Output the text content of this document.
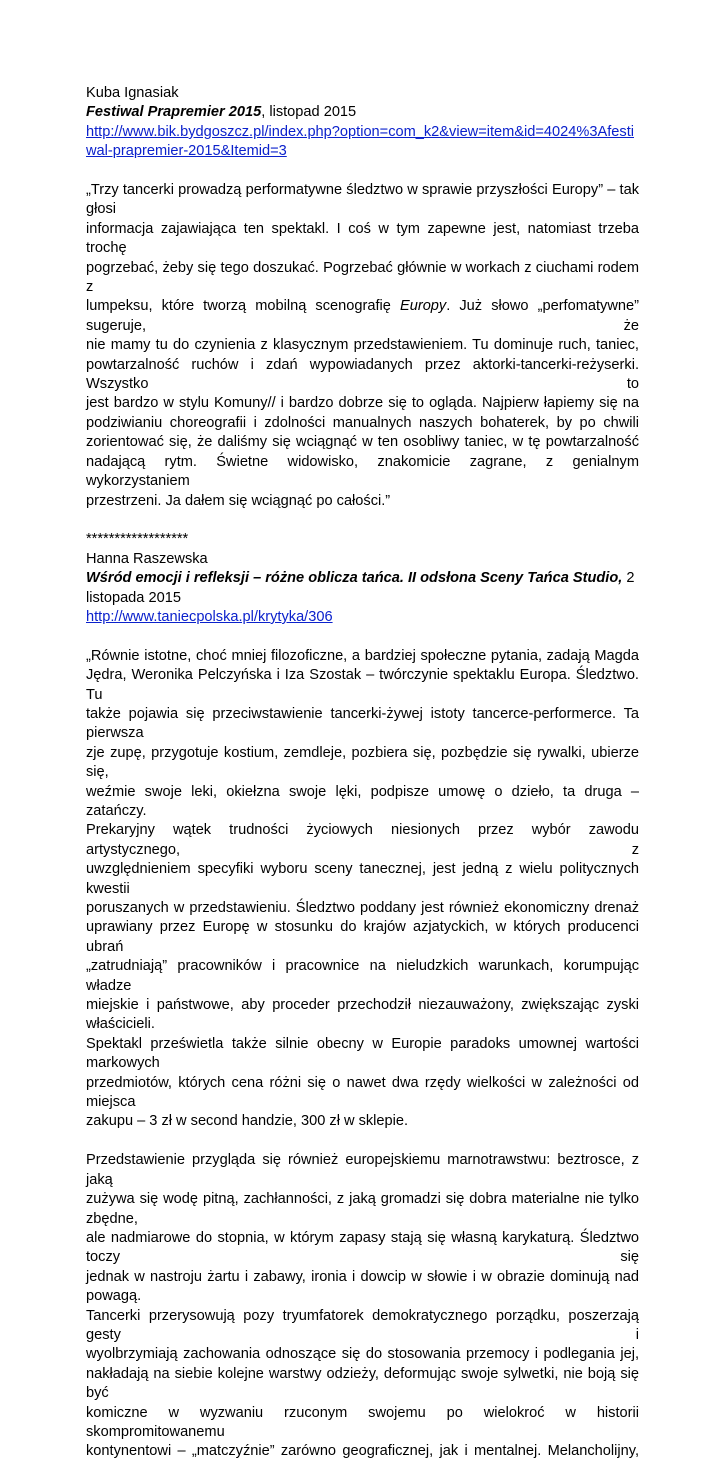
Kuba Ignasiak
Festiwal Prapremier 2015, listopad 2015
http://www.bik.bydgoszcz.pl/index.php?option=com_k2&view=item&id=4024%3Afesti
wal-prapremier-2015&Itemid=3
„Trzy tancerki prowadzą performatywne śledztwo w sprawie przyszłości Europy” – tak głosi
informacja zajawiająca ten spektakl. I coś w tym zapewne jest, natomiast trzeba trochę
pogrzebać, żeby się tego doszukać. Pogrzebać głównie w workach z ciuchami rodem z
lumpeksu, które tworzą mobilną scenografię Europy. Już słowo „perfomatywne” sugeruje, że
nie mamy tu do czynienia z klasycznym przedstawieniem. Tu dominuje ruch, taniec,
powtarzalność ruchów i zdań wypowiadanych przez aktorki-tancerki-reżyserki. Wszystko to
jest bardzo w stylu Komuny// i bardzo dobrze się to ogląda. Najpierw łapiemy się na
podziwianiu choreografii i zdolności manualnych naszych bohaterek, by po chwili
zorientować się, że daliśmy się wciągnąć w ten osobliwy taniec, w tę powtarzalność
nadającą rytm. Świetne widowisko, znakomicie zagrane, z genialnym wykorzystaniem
przestrzeni. Ja dałem się wciągnąć po całości.”
******************
Hanna Raszewska
Wśród emocji i refleksji – różne oblicza tańca. II odsłona Sceny Tańca Studio, 2
listopada 2015
http://www.taniecpolska.pl/krytyka/306
„Równie istotne, choć mniej filozoficzne, a bardziej społeczne pytania, zadają Magda
Jędra, Weronika Pelczyńska i Iza Szostak – twórczynie spektaklu Europa. Śledztwo. Tu
także pojawia się przeciwstawienie tancerki-żywej istoty tancerce-performerce. Ta pierwsza
zje zupę, przygotuje kostium, zemdleje, pozbiera się, pozbędzie się rywalki, ubierze się,
weźmie swoje leki, okiełzna swoje lęki, podpisze umowę o dzieło, ta druga – zatańczy.
Prekaryjny wątek trudności życiowych niesionych przez wybór zawodu artystycznego, z
uwzględnieniem specyfiki wyboru sceny tanecznej, jest jedną z wielu politycznych kwestii
poruszanych w przedstawieniu. Śledztwo poddany jest również ekonomiczny drenaż
uprawiany przez Europę w stosunku do krajów azjatyckich, w których producenci ubrań
„zatrudniają” pracowników i pracownice na nieludzkich warunkach, korumpując władze
miejskie i państwowe, aby proceder przechodził niezauważony, zwiększając zyski właścicieli.
Spektakl prześwietla także silnie obecny w Europie paradoks umownej wartości markowych
przedmiotów, których cena różni się o nawet dwa rzędy wielkości w zależności od miejsca
zakupu – 3 zł w second handzie, 300 zł w sklepie.
Przedstawienie przygląda się również europejskiemu marnotrawstwu: beztrosce, z jaką
zużywa się wodę pitną, zachłanności, z jaką gromadzi się dobra materialne nie tylko zbędne,
ale nadmiarowe do stopnia, w którym zapasy stają się własną karykaturą. Śledztwo toczy się
jednak w nastroju żartu i zabawy, ironia i dowcip w słowie i w obrazie dominują nad powagą.
Tancerki przerysowują pozy tryumfatorek demokratycznego porządku, poszerzają gesty i
wyolbrzymiają zachowania odnoszące się do stosowania przemocy i podlegania jej,
nakładają na siebie kolejne warstwy odzieży, deformując swoje sylwetki, nie boją się być
komiczne w wyzwaniu rzuconym swojemu po wielokroć w historii skompromitowanemu
kontynentowi – „matczyźnie” zarówno geograficznej, jak i mentalnej. Melancholijny,
